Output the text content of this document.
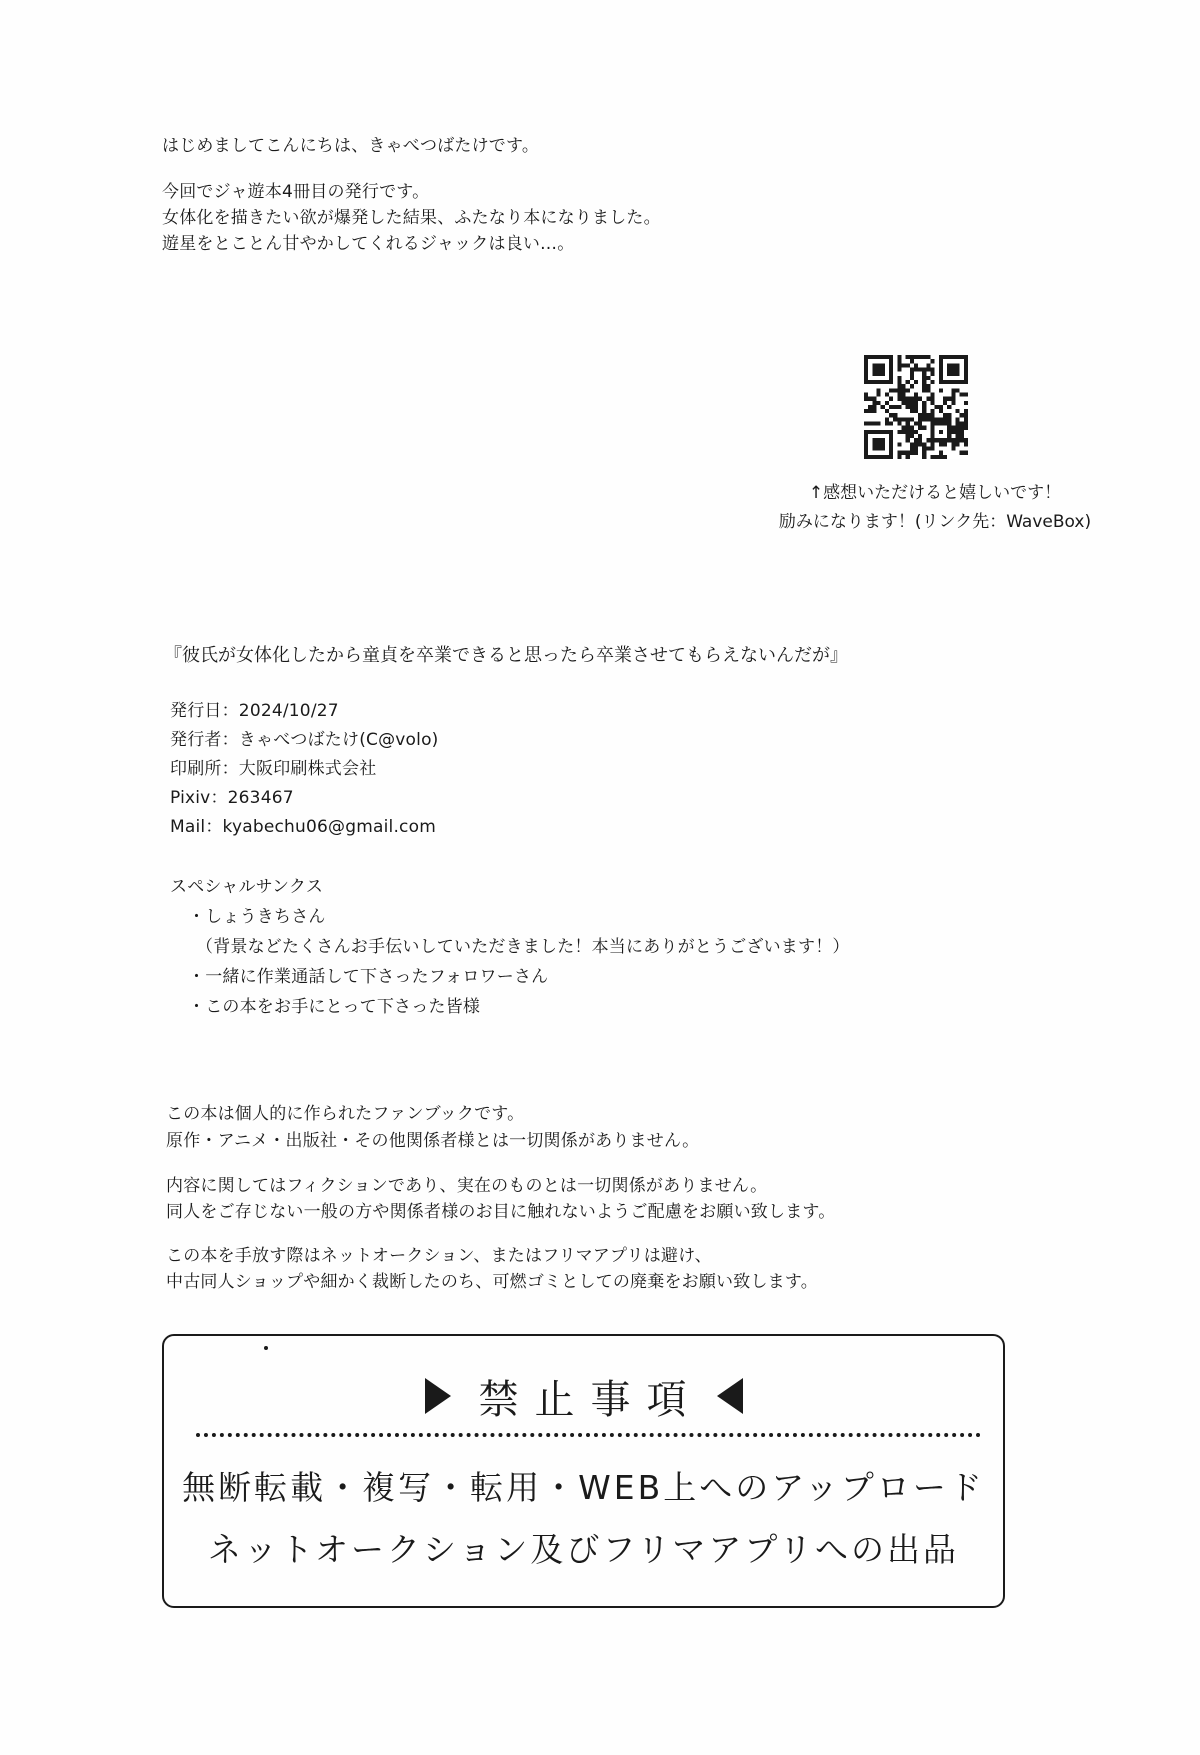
はじめましてこんにちは、きゃべつばたけです。
今回でジャ遊本4冊目の発行です。
女体化を描きたい欲が爆発した結果、ふたなり本になりました。
遊星をとことん甘やかしてくれるジャックは良い…。
↑感想いただけると嬉しいです！
励みになります！(リンク先：WaveBox)
『彼氏が女体化したから童貞を卒業できると思ったら卒業させてもらえないんだが』
発行日：2024/10/27
発行者：きゃべつばたけ(C@volo)
印刷所：大阪印刷株式会社
Pixiv：263467
Mail：kyabechu06@gmail.com
スペシャルサンクス
・しょうきちさん
（背景などたくさんお手伝いしていただきました！本当にありがとうございます！）
・一緒に作業通話して下さったフォロワーさん
・この本をお手にとって下さった皆様
この本は個人的に作られたファンブックです。
原作・アニメ・出版社・その他関係者様とは一切関係がありません。
内容に関してはフィクションであり、実在のものとは一切関係がありません。
同人をご存じない一般の方や関係者様のお目に触れないようご配慮をお願い致します。
この本を手放す際はネットオークション、またはフリマアプリは避け、
中古同人ショップや細かく裁断したのち、可燃ゴミとしての廃棄をお願い致します。
禁止事項
無断転載・複写・転用・WEB上へのアップロード
ネットオークション及びフリマアプリへの出品
